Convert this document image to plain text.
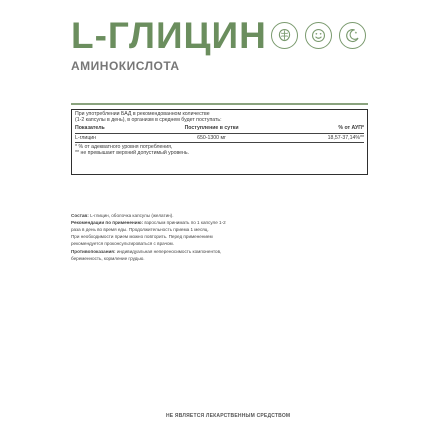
L-ГЛИЦИН
АМИНОКИСЛОТА
При употреблении БАД в рекомендованном количестве
(1-2 капсулы в день), в организм в среднем будет поступать:
Показатель	Поступление в сутки	% от АУП*
L-глицин	650-1300 мг	18,57-37,14%**
* % от адекватного уровня потребления,
** не превышает верхний допустимый уровень.
Состав: L-глицин, оболочка капсулы (желатин).
Рекомендации по применению: взрослым принимать по 1 капсуле 1-2
раза в день во время еды. Продолжительность приема 1 месяц.
При необходимости прием можно повторить. Перед применением
рекомендуется проконсультироваться с врачом.
Противопоказания: индивидуальная непереносимость компонентов,
беременность, кормление грудью.
НЕ ЯВЛЯЕТСЯ ЛЕКАРСТВЕННЫМ СРЕДСТВОМ
